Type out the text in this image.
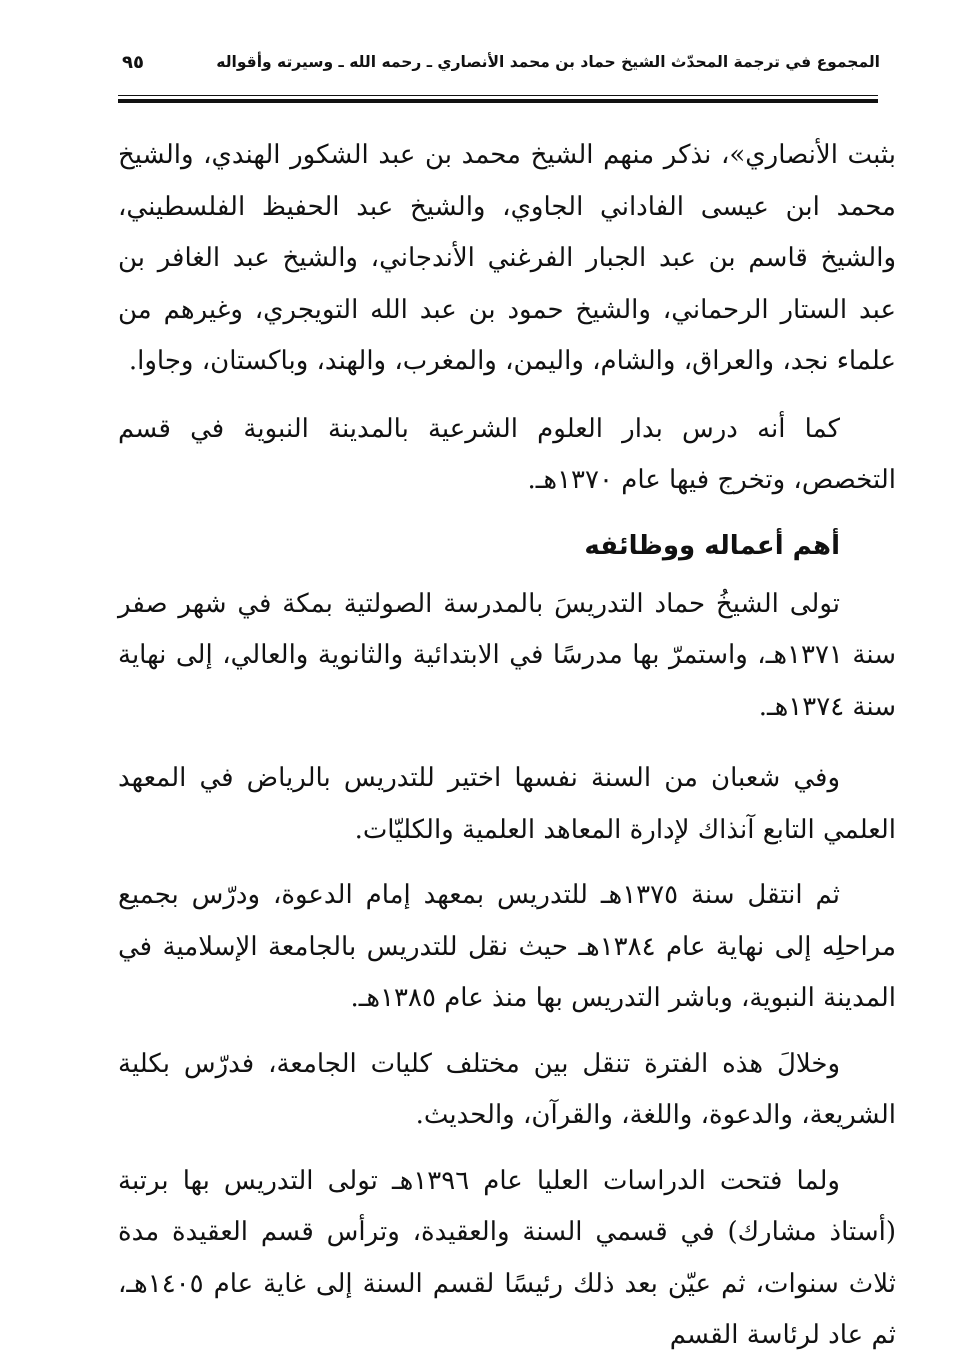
المجموع في ترجمة المحدّث الشيخ حماد بن محمد الأنصاري ـ رحمه الله ـ وسيرته وأقواله
٩٥

بثبت الأنصاري»، نذكر منهم الشيخ محمد بن عبد الشكور الهندي، والشيخ محمد ابن عيسى الفاداني الجاوي، والشيخ عبد الحفيظ الفلسطيني، والشيخ قاسم بن عبد الجبار الفرغني الأندجاني، والشيخ عبد الغافر بن عبد الستار الرحماني، والشيخ حمود بن عبد الله التويجري، وغيرهم من علماء نجد، والعراق، والشام، واليمن، والمغرب، والهند، وباكستان، وجاوا.

كما أنه درس بدار العلوم الشرعية بالمدينة النبوية في قسم التخصص، وتخرج فيها عام ١٣٧٠هـ.

أهم أعماله ووظائفه

تولى الشيخُ حماد التدريسَ بالمدرسة الصولتية بمكة في شهر صفر سنة ١٣٧١هـ، واستمرّ بها مدرسًا في الابتدائية والثانوية والعالي، إلى نهاية سنة ١٣٧٤هـ.

وفي شعبان من السنة نفسها اختير للتدريس بالرياض في المعهد العلمي التابع آنذاك لإدارة المعاهد العلمية والكليّات.

ثم انتقل سنة ١٣٧٥هـ للتدريس بمعهد إمام الدعوة، ودرّس بجميع مراحلِه إلى نهاية عام ١٣٨٤هـ حيث نقل للتدريس بالجامعة الإسلامية في المدينة النبوية، وباشر التدريس بها منذ عام ١٣٨٥هـ.

وخلالَ هذه الفترة تنقل بين مختلف كليات الجامعة، فدرّس بكلية الشريعة، والدعوة، واللغة، والقرآن، والحديث.

ولما فتحت الدراسات العليا عام ١٣٩٦هـ تولى التدريس بها برتبة (أستاذ مشارك) في قسمي السنة والعقيدة، وترأس قسم العقيدة مدة ثلاث سنوات، ثم عيّن بعد ذلك رئيسًا لقسم السنة إلى غاية عام ١٤٠٥هـ، ثم عاد لرئاسة القسم
